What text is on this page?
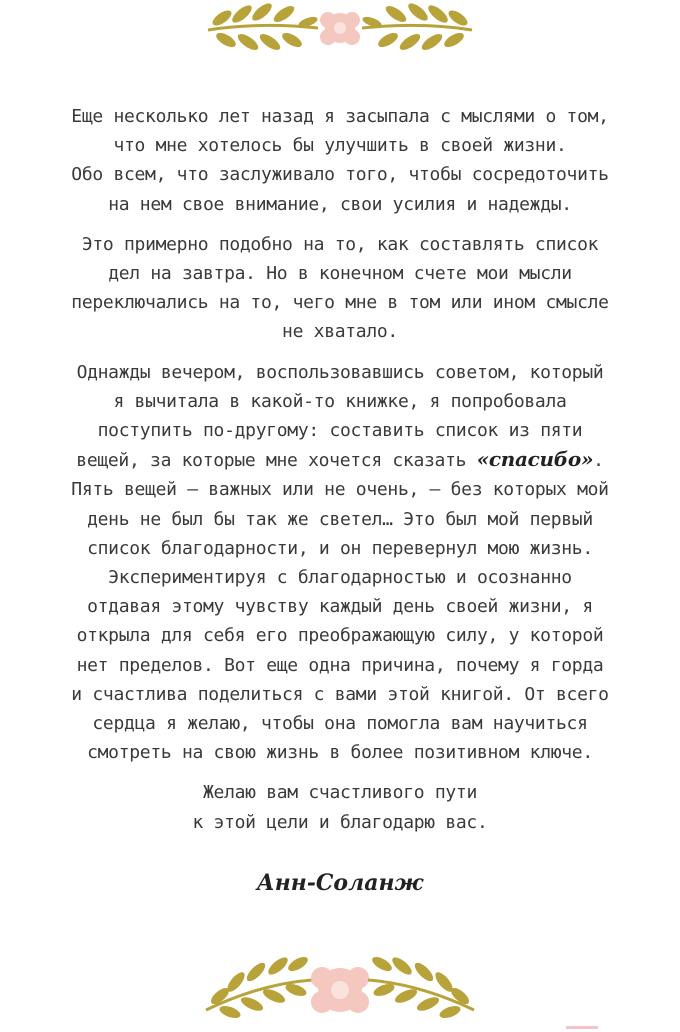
Еще несколько лет назад я засыпала с мыслями о том,
что мне хотелось бы улучшить в своей жизни.
Обо всем, что заслуживало того, чтобы сосредоточить
на нем свое внимание, свои усилия и надежды.

Это примерно подобно на то, как составлять список
дел на завтра. Но в конечном счете мои мысли
переключались на то, чего мне в том или ином смысле
не хватало.

Однажды вечером, воспользовавшись советом, который
я вычитала в какой-то книжке, я попробовала
поступить по-другому: составить список из пяти
вещей, за которые мне хочется сказать «спасибо».
Пять вещей — важных или не очень, — без которых мой
день не был бы так же светел… Это был мой первый
список благодарности, и он перевернул мою жизнь.
Экспериментируя с благодарностью и осознанно
отдавая этому чувству каждый день своей жизни, я
открыла для себя его преображающую силу, у которой
нет пределов. Вот еще одна причина, почему я горда
и счастлива поделиться с вами этой книгой. От всего
сердца я желаю, чтобы она помогла вам научиться
смотреть на свою жизнь в более позитивном ключе.

Желаю вам счастливого пути
к этой цели и благодарю вас.

Анн-Соланж
